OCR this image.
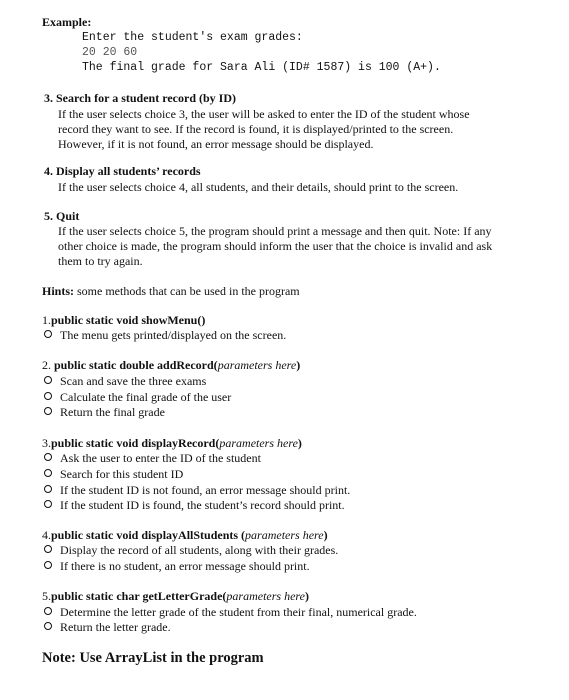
Example:
Enter the student's exam grades:
20 20 60
The final grade for Sara Ali (ID# 1587) is 100 (A+).
3. Search for a student record (by ID)
If the user selects choice 3, the user will be asked to enter the ID of the student whose
record they want to see. If the record is found, it is displayed/printed to the screen.
However, if it is not found, an error message should be displayed.
4. Display all students’ records
If the user selects choice 4, all students, and their details, should print to the screen.
5. Quit
If the user selects choice 5, the program should print a message and then quit. Note: If any
other choice is made, the program should inform the user that the choice is invalid and ask
them to try again.
Hints: some methods that can be used in the program
1.public static void showMenu()
The menu gets printed/displayed on the screen.
2. public static double addRecord(parameters here)
Scan and save the three exams
Calculate the final grade of the user
Return the final grade
3.public static void displayRecord(parameters here)
Ask the user to enter the ID of the student
Search for this student ID
If the student ID is not found, an error message should print.
If the student ID is found, the student’s record should print.
4.public static void displayAllStudents (parameters here)
Display the record of all students, along with their grades.
If there is no student, an error message should print.
5.public static char getLetterGrade(parameters here)
Determine the letter grade of the student from their final, numerical grade.
Return the letter grade.
Note: Use ArrayList in the program
